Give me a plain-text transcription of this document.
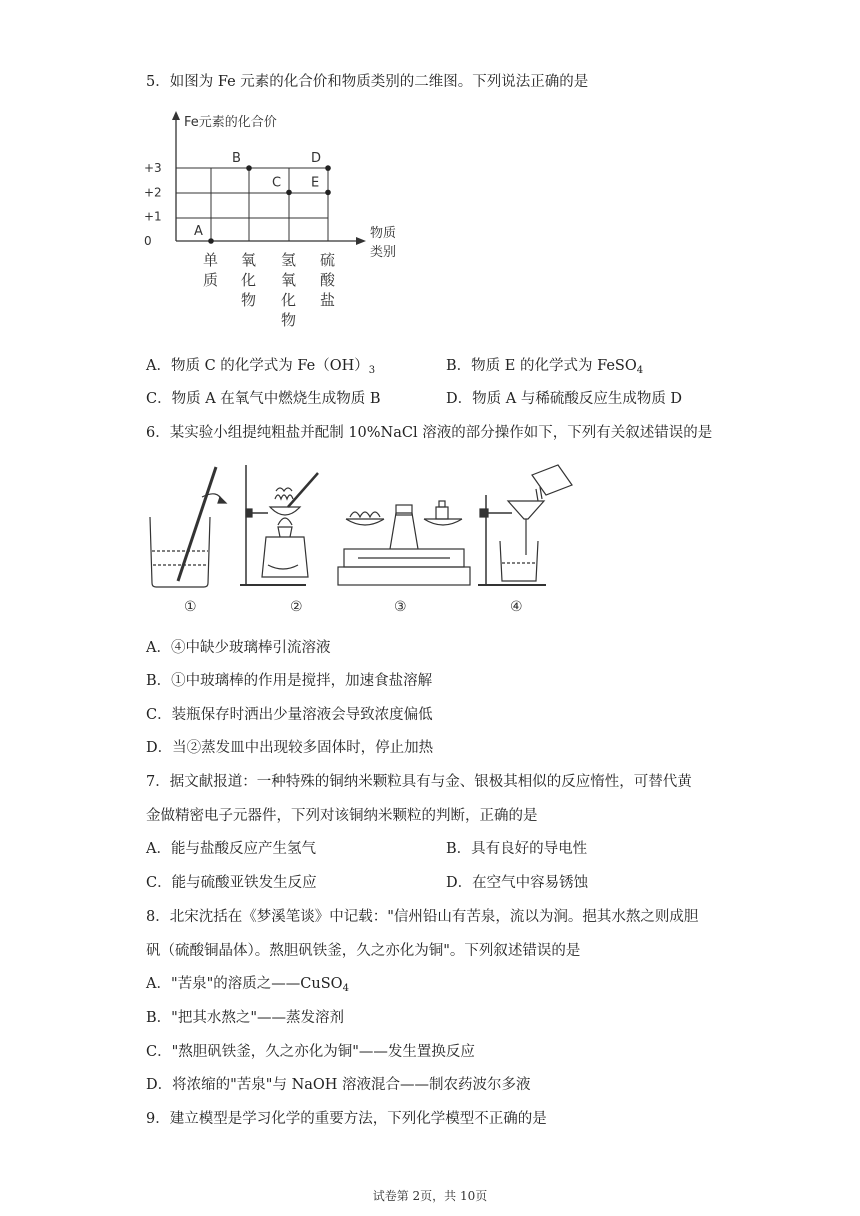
5．如图为 Fe 元素的化合价和物质类别的二维图。下列说法正确的是
Fe元素的化合价
物质
类别
+3
+2
+1
0
单
质
氧
化
物
氢
氧
化
物
硫
酸
盐
A
B
C
D
E
A．物质 C 的化学式为 $Fe(OH)_3$	B．物质 E 的化学式为 FeSO$_4$
C．物质 A 在氧气中燃烧生成物质 B	D．物质 A 与稀硫酸反应生成物质 D
6．某实验小组提纯粗盐并配制 10%NaCl 溶液的部分操作如下，下列有关叙述错误的是
①	②	③	④
A．④中缺少玻璃棒引流溶液
B．①中玻璃棒的作用是搅拌，加速食盐溶解
C．装瓶保存时洒出少量溶液会导致浓度偏低
D．当②蒸发皿中出现较多固体时，停止加热
7．据文献报道：一种特殊的铜纳米颗粒具有与金、银极其相似的反应惰性，可替代黄
金做精密电子元器件，下列对该铜纳米颗粒的判断，正确的是
A．能与盐酸反应产生氢气	B．具有良好的导电性
C．能与硫酸亚铁发生反应	D．在空气中容易锈蚀
8．北宋沈括在《梦溪笔谈》中记载："信州铅山有苦泉，流以为涧。挹其水熬之则成胆
矾（硫酸铜晶体）。熬胆矾铁釜，久之亦化为铜"。下列叙述错误的是
A．"苦泉"的溶质之——CuSO$_4$
B．"把其水熬之"——蒸发溶剂
C．"熬胆矾铁釜，久之亦化为铜"——发生置换反应
D．将浓缩的"苦泉"与 NaOH 溶液混合——制农药波尔多液
9．建立模型是学习化学的重要方法，下列化学模型不正确的是
试卷第 2页，共 10页
